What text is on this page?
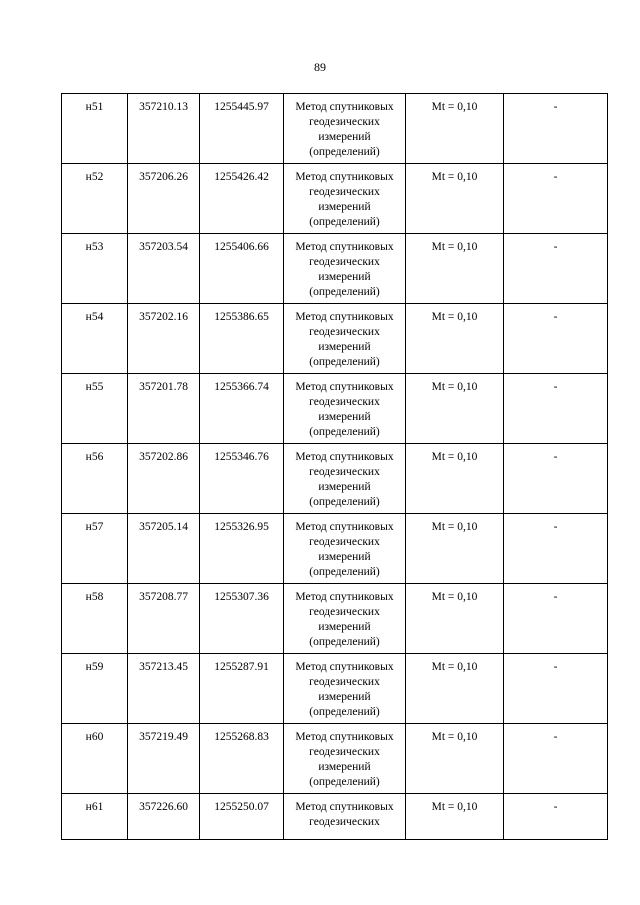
89
н51	357210.13	1255445.97	Метод спутниковых
геодезических
измерений
(определений)	Mt = 0,10	-
н52	357206.26	1255426.42	Метод спутниковых
геодезических
измерений
(определений)	Mt = 0,10	-
н53	357203.54	1255406.66	Метод спутниковых
геодезических
измерений
(определений)	Mt = 0,10	-
н54	357202.16	1255386.65	Метод спутниковых
геодезических
измерений
(определений)	Mt = 0,10	-
н55	357201.78	1255366.74	Метод спутниковых
геодезических
измерений
(определений)	Mt = 0,10	-
н56	357202.86	1255346.76	Метод спутниковых
геодезических
измерений
(определений)	Mt = 0,10	-
н57	357205.14	1255326.95	Метод спутниковых
геодезических
измерений
(определений)	Mt = 0,10	-
н58	357208.77	1255307.36	Метод спутниковых
геодезических
измерений
(определений)	Mt = 0,10	-
н59	357213.45	1255287.91	Метод спутниковых
геодезических
измерений
(определений)	Mt = 0,10	-
н60	357219.49	1255268.83	Метод спутниковых
геодезических
измерений
(определений)	Mt = 0,10	-
н61	357226.60	1255250.07	Метод спутниковых
геодезических	Mt = 0,10	-
